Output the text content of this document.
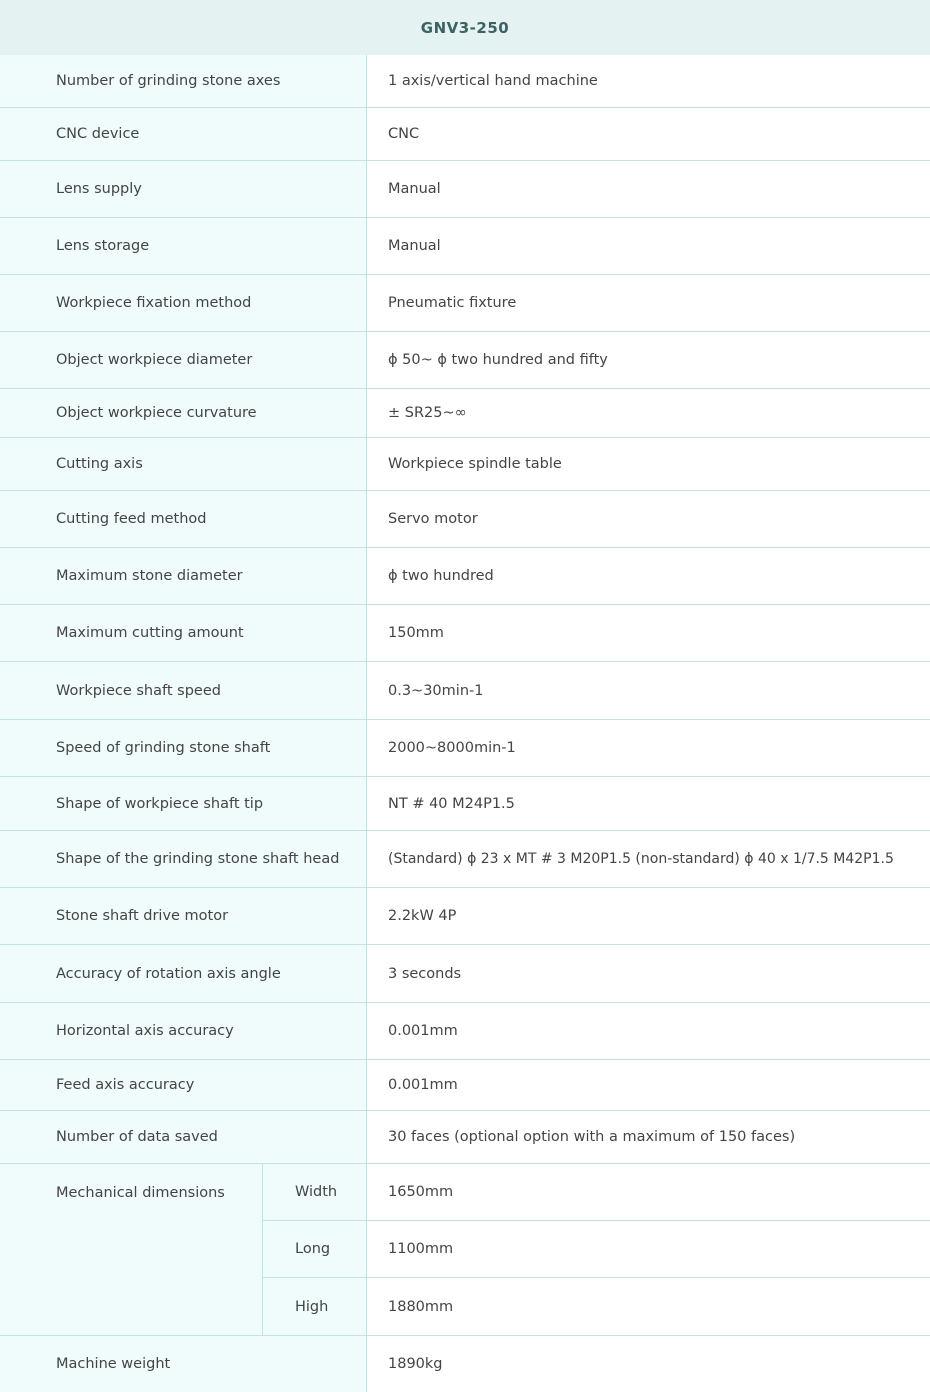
GNV3-250
Number of grinding stone axes	1 axis/vertical hand machine
CNC device	CNC
Lens supply	Manual
Lens storage	Manual
Workpiece fixation method	Pneumatic fixture
Object workpiece diameter	ϕ 50~ ϕ two hundred and fifty
Object workpiece curvature	± SR25~∞
Cutting axis	Workpiece spindle table
Cutting feed method	Servo motor
Maximum stone diameter	ϕ two hundred
Maximum cutting amount	150mm
Workpiece shaft speed	0.3~30min-1
Speed of grinding stone shaft	2000~8000min-1
Shape of workpiece shaft tip	NT # 40 M24P1.5
Shape of the grinding stone shaft head	(Standard) ϕ 23 x MT # 3 M20P1.5 (non-standard) ϕ 40 x 1/7.5 M42P1.5
Stone shaft drive motor	2.2kW 4P
Accuracy of rotation axis angle	3 seconds
Horizontal axis accuracy	0.001mm
Feed axis accuracy	0.001mm
Number of data saved	30 faces (optional option with a maximum of 150 faces)
Mechanical dimensions	Width	1650mm
Long	1100mm
High	1880mm
Machine weight	1890kg
